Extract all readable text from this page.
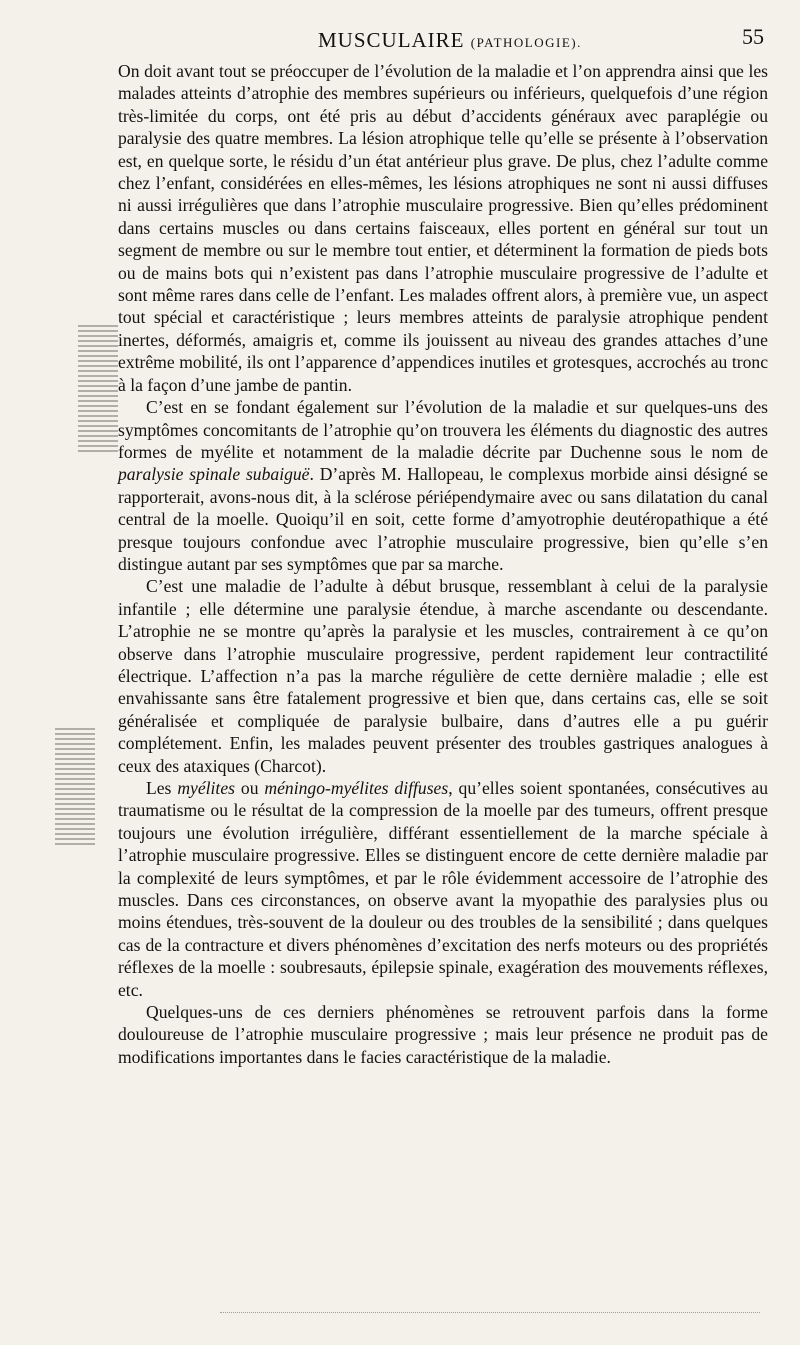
MUSCULAIRE (PATHOLOGIE).	55

On doit avant tout se préoccuper de l’évolution de la maladie et l’on apprendra ainsi que les malades atteints d’atrophie des membres supérieurs ou inférieurs, quelquefois d’une région très-limitée du corps, ont été pris au début d’accidents généraux avec paraplégie ou paralysie des quatre membres. La lésion atrophique telle qu’elle se présente à l’observation est, en quelque sorte, le résidu d’un état antérieur plus grave. De plus, chez l’adulte comme chez l’enfant, considérées en elles-mêmes, les lésions atrophiques ne sont ni aussi diffuses ni aussi irrégulières que dans l’atrophie musculaire progressive. Bien qu’elles prédominent dans certains muscles ou dans certains faisceaux, elles portent en général sur tout un segment de membre ou sur le membre tout entier, et déterminent la formation de pieds bots ou de mains bots qui n’existent pas dans l’atrophie musculaire progressive de l’adulte et sont même rares dans celle de l’enfant. Les malades offrent alors, à première vue, un aspect tout spécial et caractéristique ; leurs membres atteints de paralysie atrophique pendent inertes, déformés, amaigris et, comme ils jouissent au niveau des grandes attaches d’une extrême mobilité, ils ont l’apparence d’appendices inutiles et grotesques, accrochés au tronc à la façon d’une jambe de pantin.

C’est en se fondant également sur l’évolution de la maladie et sur quelques-uns des symptômes concomitants de l’atrophie qu’on trouvera les éléments du diagnostic des autres formes de myélite et notamment de la maladie décrite par Duchenne sous le nom de paralysie spinale subaiguë. D’après M. Hallopeau, le complexus morbide ainsi désigné se rapporterait, avons-nous dit, à la sclérose périépendymaire avec ou sans dilatation du canal central de la moelle. Quoiqu’il en soit, cette forme d’amyotrophie deutéropathique a été presque toujours confondue avec l’atrophie musculaire progressive, bien qu’elle s’en distingue autant par ses symptômes que par sa marche.

C’est une maladie de l’adulte à début brusque, ressemblant à celui de la paralysie infantile ; elle détermine une paralysie étendue, à marche ascendante ou descendante. L’atrophie ne se montre qu’après la paralysie et les muscles, contrairement à ce qu’on observe dans l’atrophie musculaire progressive, perdent rapidement leur contractilité électrique. L’affection n’a pas la marche régulière de cette dernière maladie ; elle est envahissante sans être fatalement progressive et bien que, dans certains cas, elle se soit généralisée et compliquée de paralysie bulbaire, dans d’autres elle a pu guérir complétement. Enfin, les malades peuvent présenter des troubles gastriques analogues à ceux des ataxiques (Charcot).

Les myélites ou méningo-myélites diffuses, qu’elles soient spontanées, consécutives au traumatisme ou le résultat de la compression de la moelle par des tumeurs, offrent presque toujours une évolution irrégulière, différant essentiellement de la marche spéciale à l’atrophie musculaire progressive. Elles se distinguent encore de cette dernière maladie par la complexité de leurs symptômes, et par le rôle évidemment accessoire de l’atrophie des muscles. Dans ces circonstances, on observe avant la myopathie des paralysies plus ou moins étendues, très-souvent de la douleur ou des troubles de la sensibilité ; dans quelques cas de la contracture et divers phénomènes d’excitation des nerfs moteurs ou des propriétés réflexes de la moelle : soubresauts, épilepsie spinale, exagération des mouvements réflexes, etc.

Quelques-uns de ces derniers phénomènes se retrouvent parfois dans la forme douloureuse de l’atrophie musculaire progressive ; mais leur présence ne produit pas de modifications importantes dans le facies caractéristique de la maladie.
